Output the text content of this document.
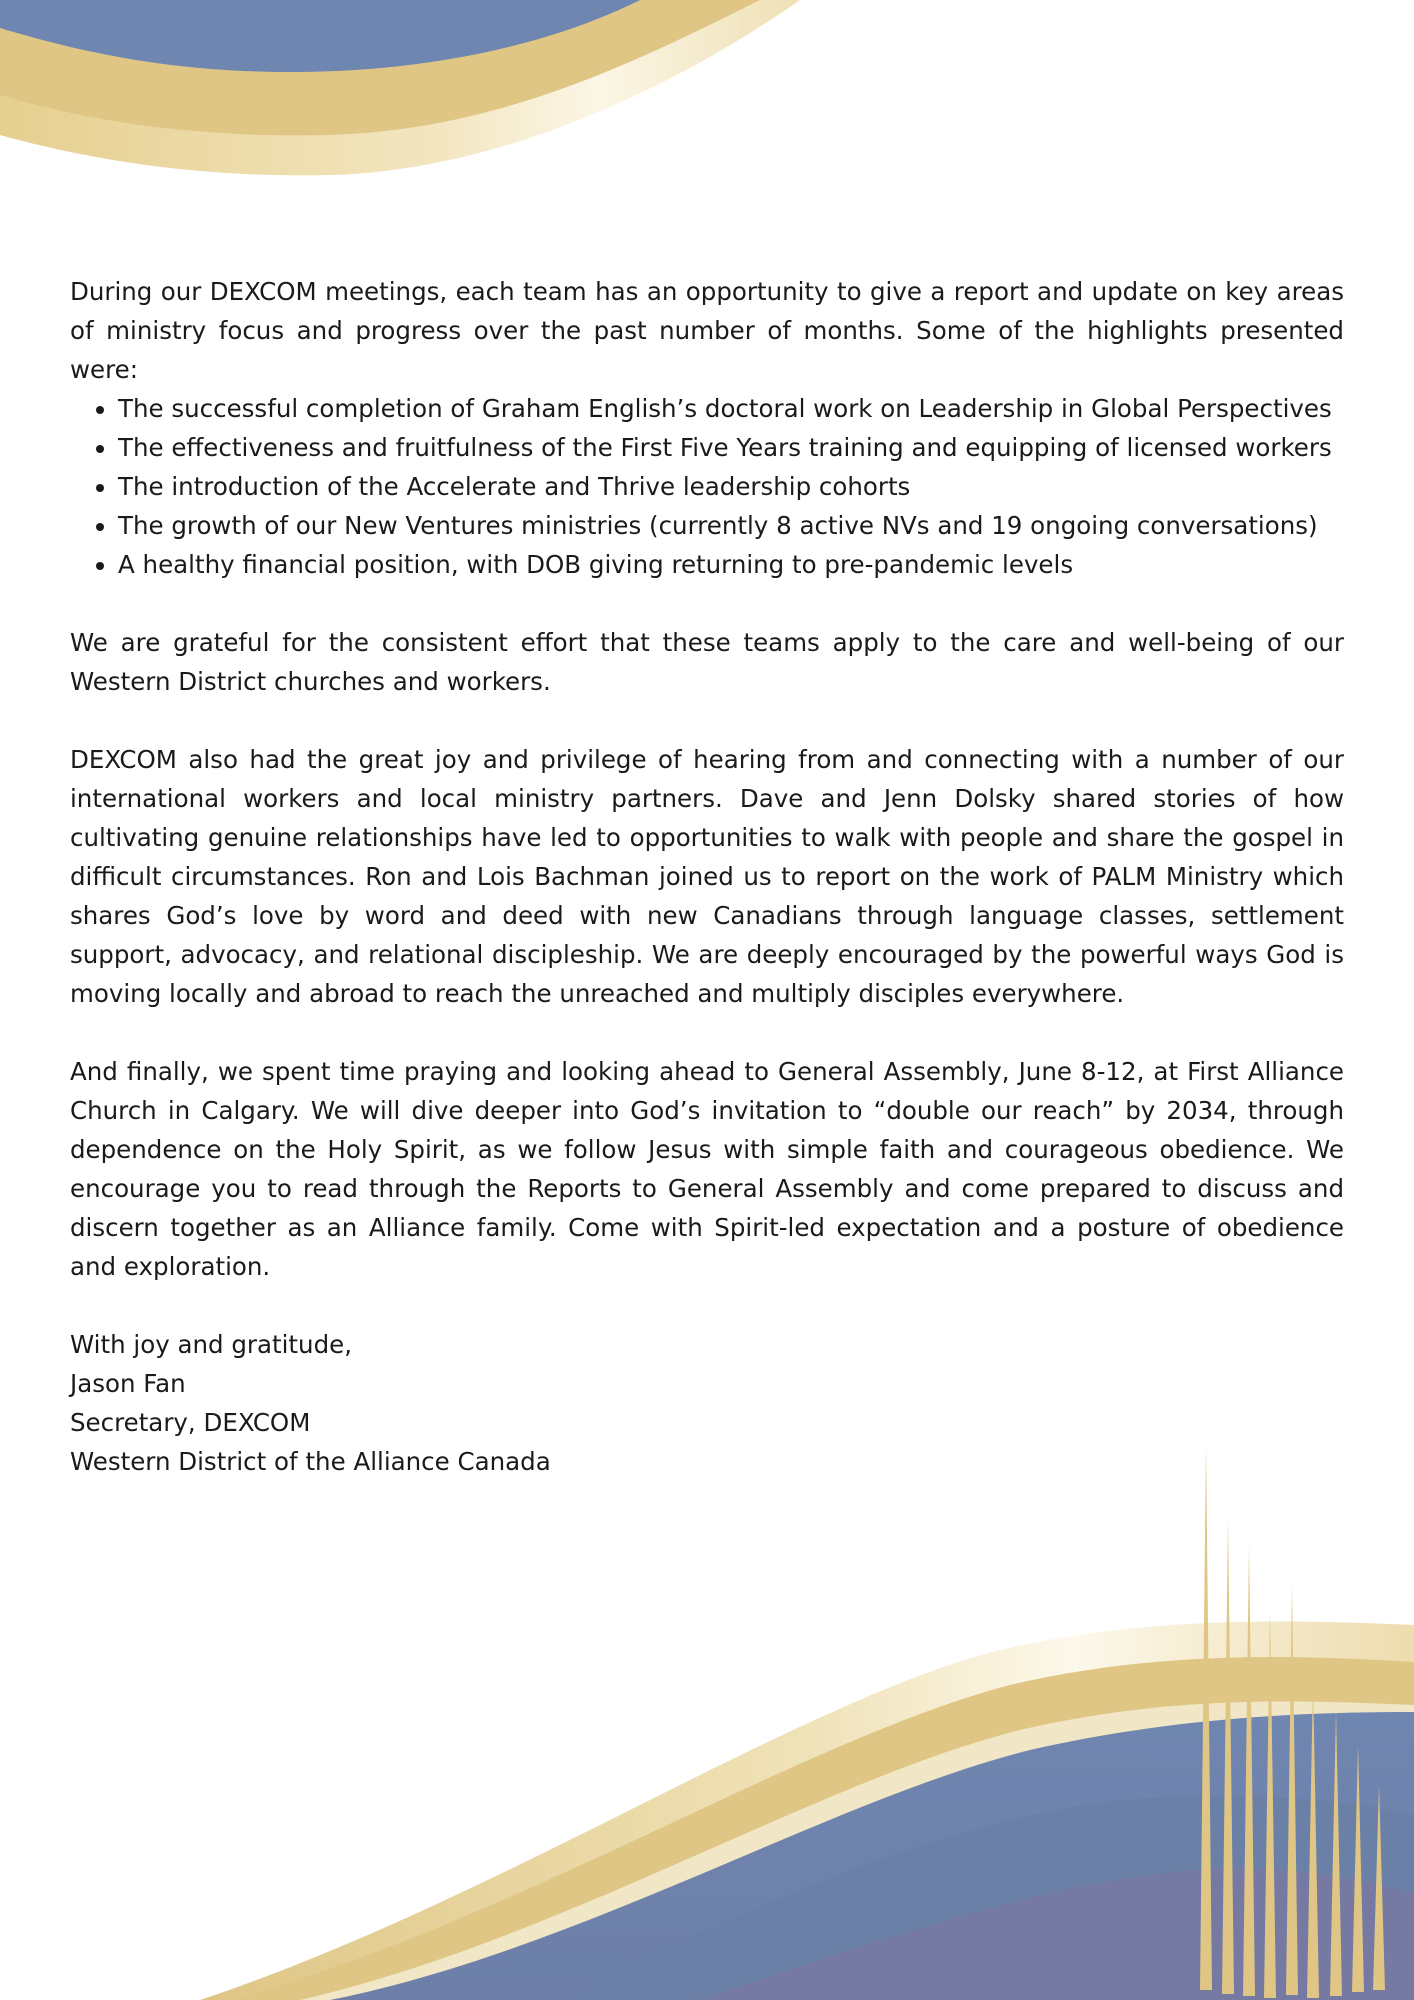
During our DEXCOM meetings, each team has an opportunity to give a report and update on key areas of ministry focus and progress over the past number of months. Some of the highlights presented were:

• The successful completion of Graham English’s doctoral work on Leadership in Global Perspectives
• The effectiveness and fruitfulness of the First Five Years training and equipping of licensed workers
• The introduction of the Accelerate and Thrive leadership cohorts
• The growth of our New Ventures ministries (currently 8 active NVs and 19 ongoing conversations)
• A healthy financial position, with DOB giving returning to pre-pandemic levels

We are grateful for the consistent effort that these teams apply to the care and well-being of our Western District churches and workers.

DEXCOM also had the great joy and privilege of hearing from and connecting with a number of our international workers and local ministry partners. Dave and Jenn Dolsky shared stories of how cultivating genuine relationships have led to opportunities to walk with people and share the gospel in difficult circumstances. Ron and Lois Bachman joined us to report on the work of PALM Ministry which shares God’s love by word and deed with new Canadians through language classes, settlement support, advocacy, and relational discipleship. We are deeply encouraged by the powerful ways God is moving locally and abroad to reach the unreached and multiply disciples everywhere.

And finally, we spent time praying and looking ahead to General Assembly, June 8-12, at First Alliance Church in Calgary. We will dive deeper into God’s invitation to “double our reach” by 2034, through dependence on the Holy Spirit, as we follow Jesus with simple faith and courageous obedience. We encourage you to read through the Reports to General Assembly and come prepared to discuss and discern together as an Alliance family. Come with Spirit-led expectation and a posture of obedience and exploration.

With joy and gratitude,
Jason Fan
Secretary, DEXCOM
Western District of the Alliance Canada
